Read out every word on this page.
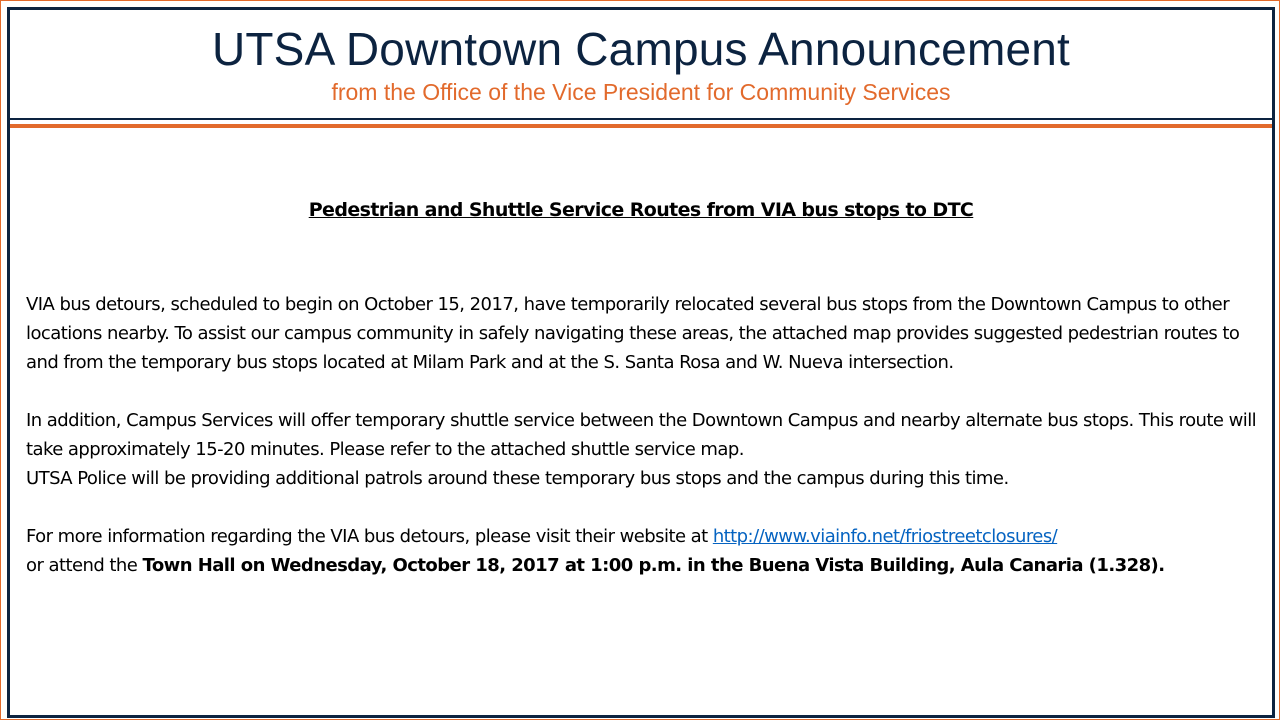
UTSA Downtown Campus Announcement
from the Office of the Vice President for Community Services
Pedestrian and Shuttle Service Routes from VIA bus stops to DTC

VIA bus detours, scheduled to begin on October 15, 2017, have temporarily relocated several bus stops from the Downtown Campus to other locations nearby. To assist our campus community in safely navigating these areas, the attached map provides suggested pedestrian routes to and from the temporary bus stops located at Milam Park and at the S. Santa Rosa and W. Nueva intersection.

In addition, Campus Services will offer temporary shuttle service between the Downtown Campus and nearby alternate bus stops. This route will take approximately 15-20 minutes. Please refer to the attached shuttle service map.

UTSA Police will be providing additional patrols around these temporary bus stops and the campus during this time.

For more information regarding the VIA bus detours, please visit their website at http://www.viainfo.net/friostreetclosures/
or attend the Town Hall on Wednesday, October 18, 2017 at 1:00 p.m. in the Buena Vista Building, Aula Canaria (1.328).
